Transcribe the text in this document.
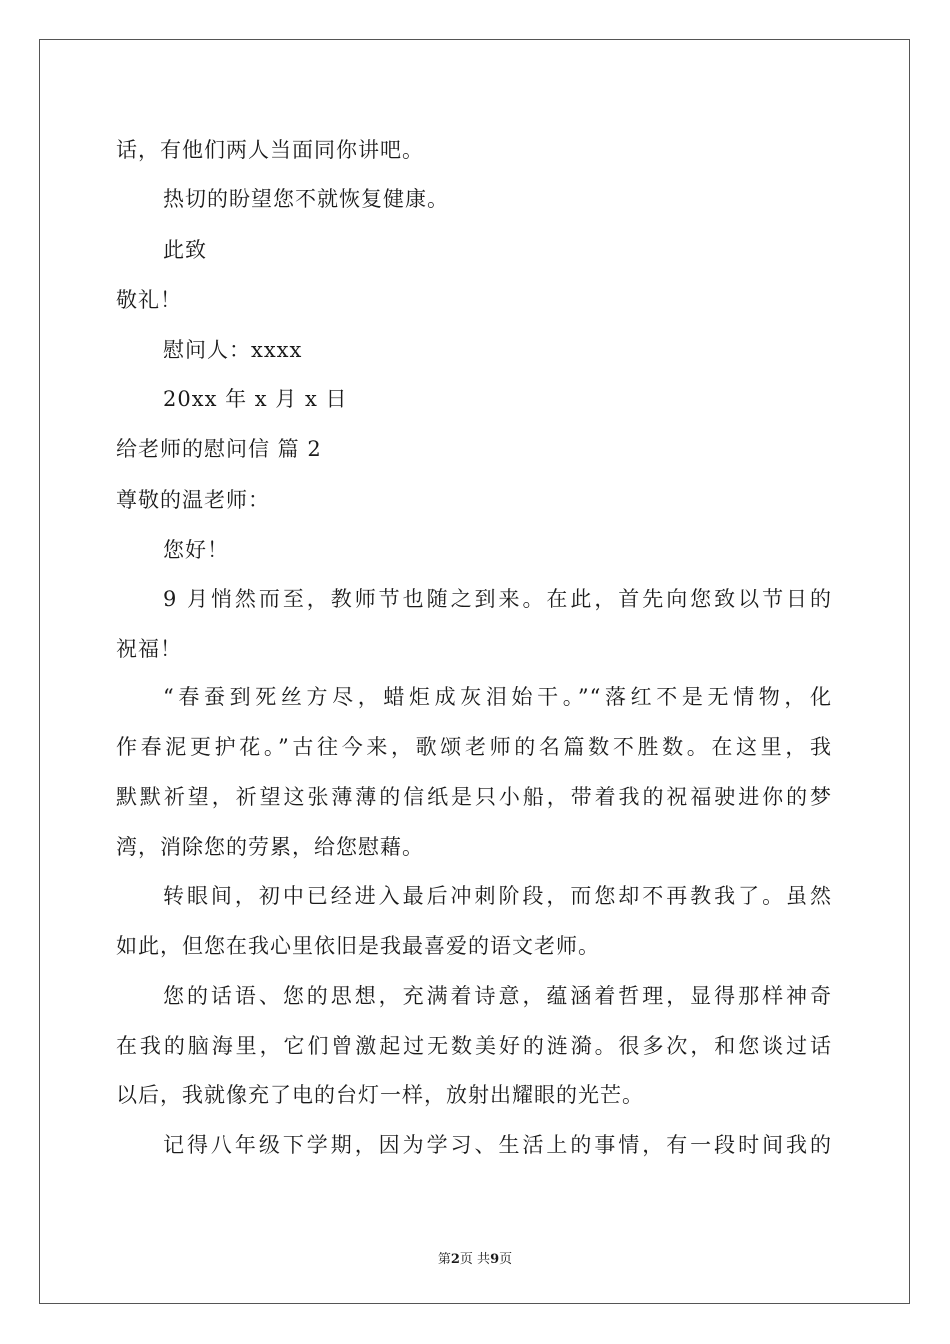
话，有他们两人当面同你讲吧。
热切的盼望您不就恢复健康。
此致
敬礼！
慰问人：xxxx
20xx 年 x 月 x 日
给老师的慰问信 篇 2
尊敬的温老师：
您好！
9 月悄然而至，教师节也随之到来。在此，首先向您致以节日的
祝福！
“春蚕到死丝方尽，蜡炬成灰泪始干。”“落红不是无情物，化
作春泥更护花。”古往今来，歌颂老师的名篇数不胜数。在这里，我
默默祈望，祈望这张薄薄的信纸是只小船，带着我的祝福驶进你的梦
湾，消除您的劳累，给您慰藉。
转眼间，初中已经进入最后冲刺阶段，而您却不再教我了。虽然
如此，但您在我心里依旧是我最喜爱的语文老师。
您的话语、您的思想，充满着诗意，蕴涵着哲理，显得那样神奇
在我的脑海里，它们曾激起过无数美好的涟漪。很多次，和您谈过话
以后，我就像充了电的台灯一样，放射出耀眼的光芒。
记得八年级下学期，因为学习、生活上的事情，有一段时间我的
第2页 共9页
